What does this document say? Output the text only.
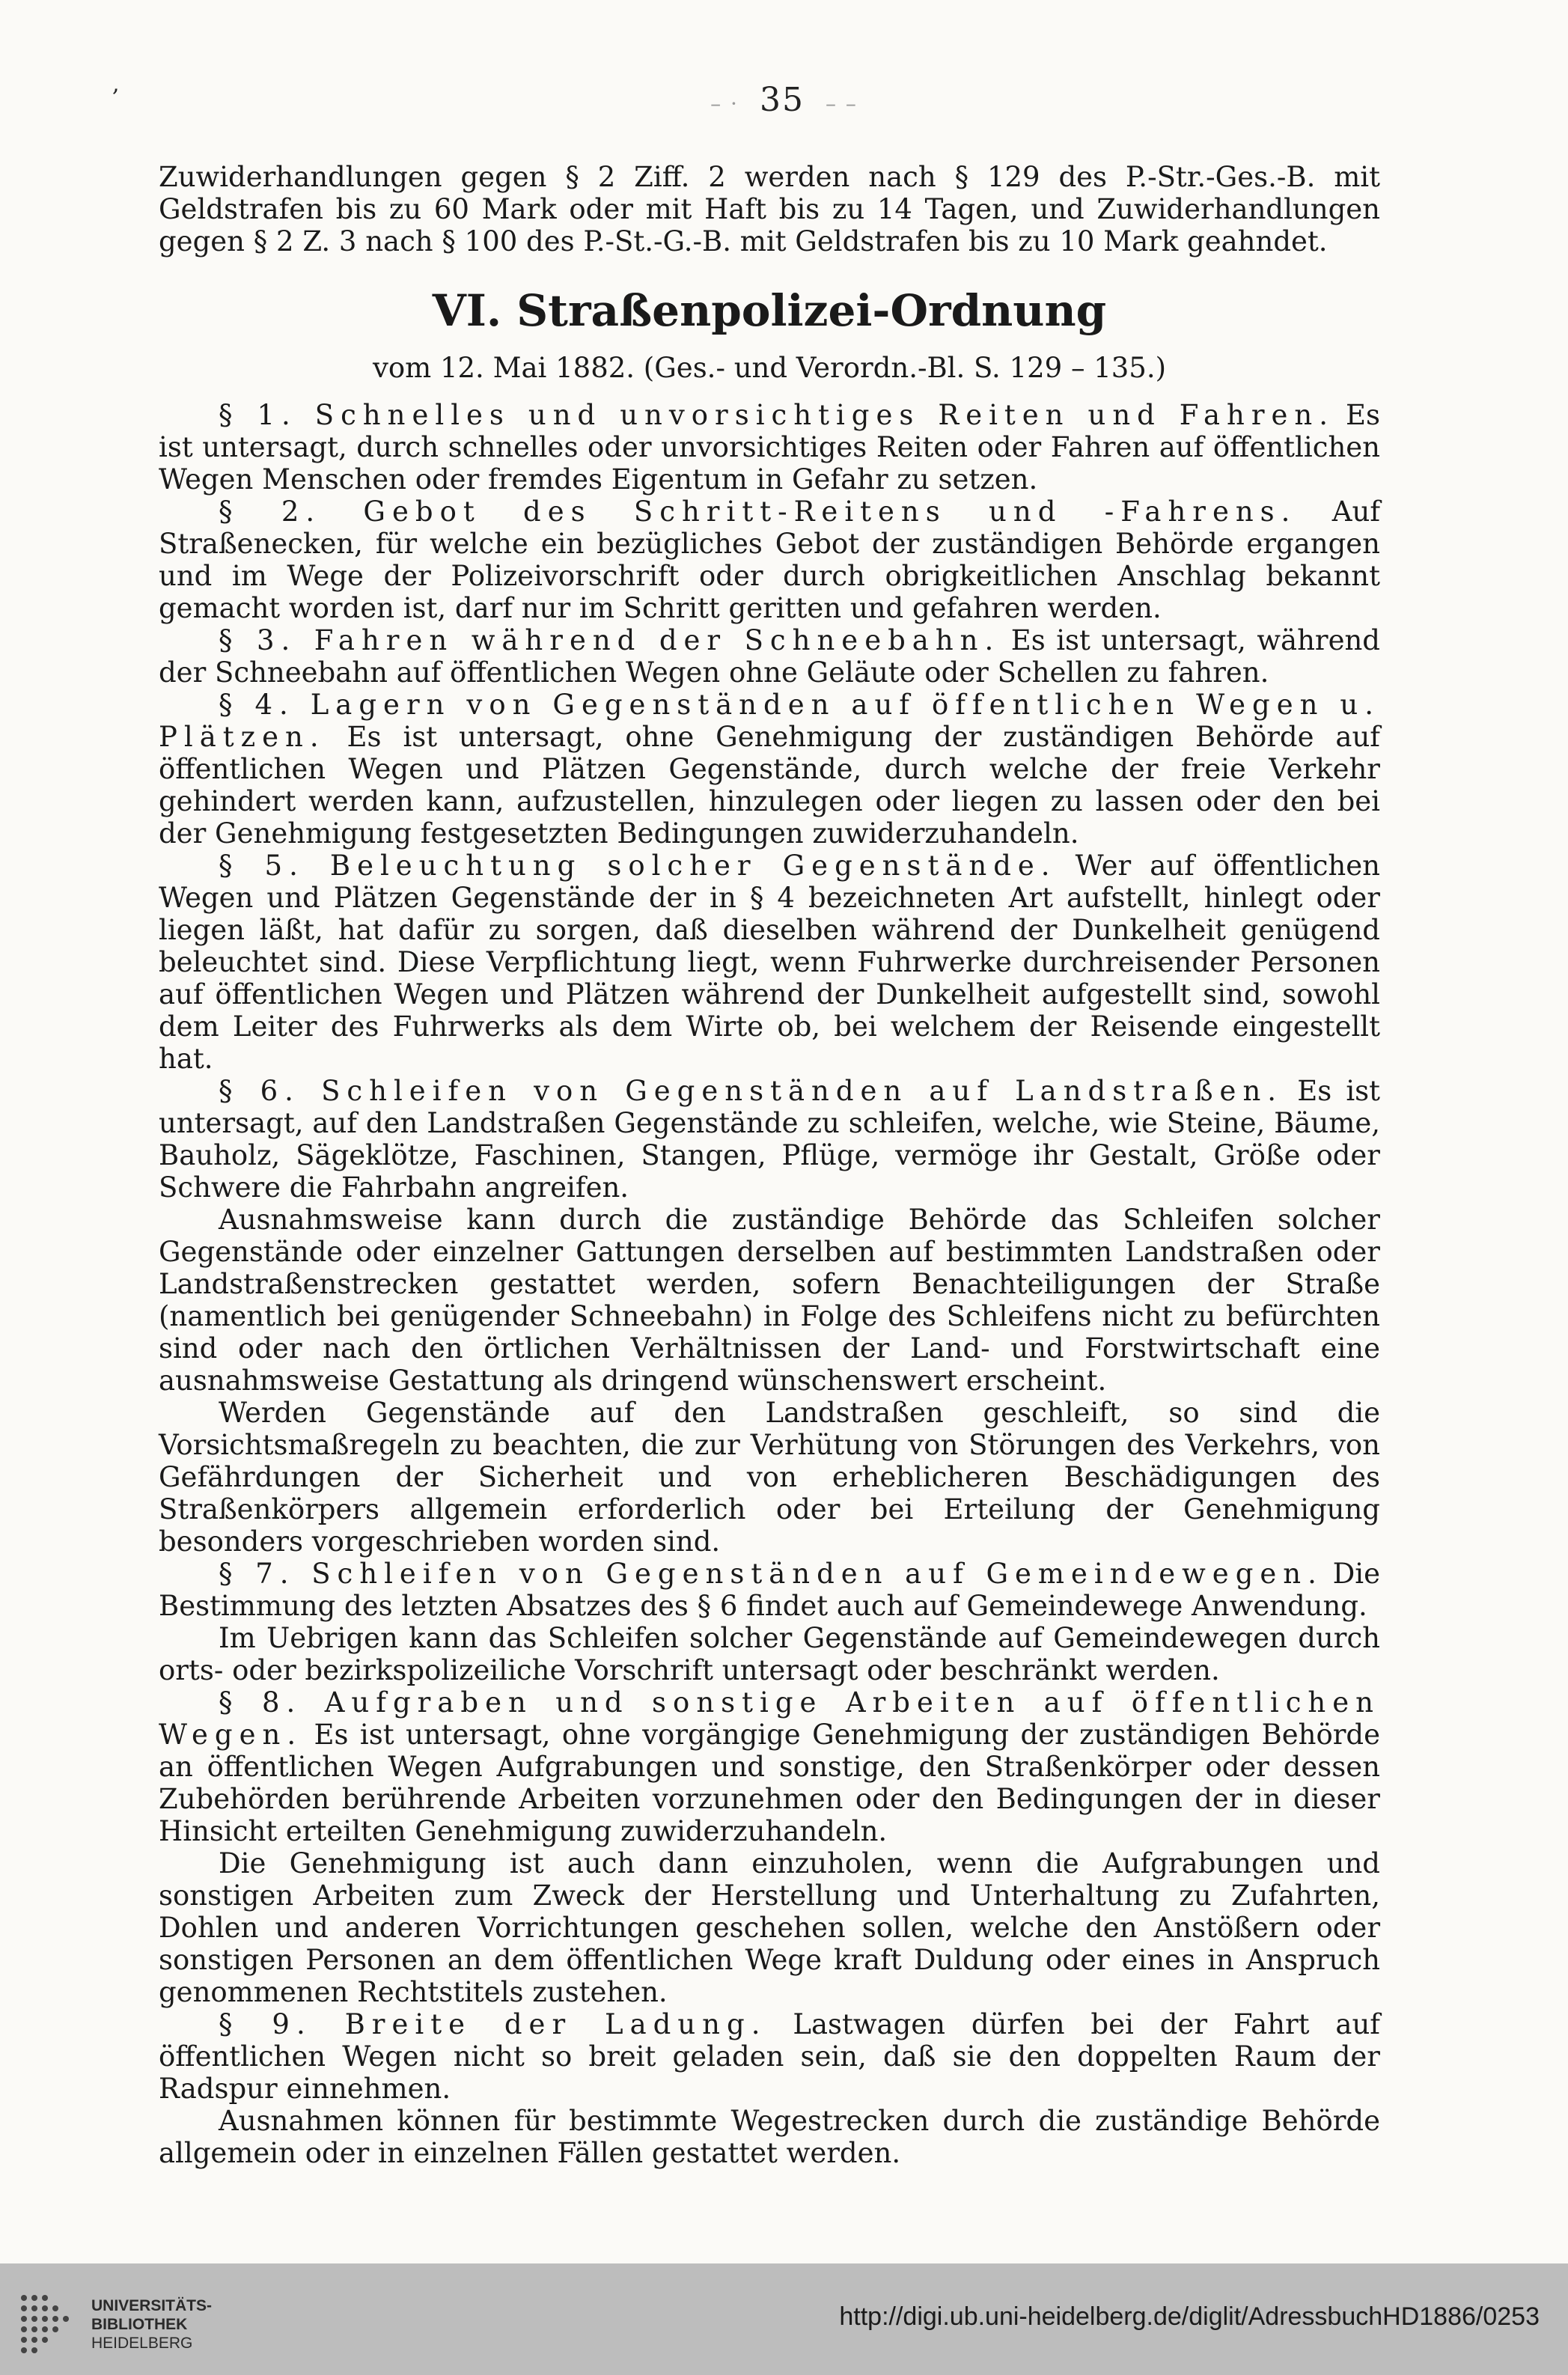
,
– · 35 – –

Zuwiderhandlungen gegen § 2 Ziff. 2 werden nach § 129 des P.-Str.-Ges.-B. mit Geldstrafen bis zu 60 Mark oder mit Haft bis zu 14 Tagen, und Zuwiderhandlungen gegen § 2 Z. 3 nach § 100 des P.-St.-G.-B. mit Geldstrafen bis zu 10 Mark geahndet.

VI. Straßenpolizei-Ordnung
vom 12. Mai 1882. (Ges.- und Verordn.-Bl. S. 129 – 135.)

§ 1. Schnelles und unvorsichtiges Reiten und Fahren. Es ist untersagt, durch schnelles oder unvorsichtiges Reiten oder Fahren auf öffentlichen Wegen Menschen oder fremdes Eigentum in Gefahr zu setzen.

§ 2. Gebot des Schritt-Reitens und -Fahrens. Auf Straßenecken, für welche ein bezügliches Gebot der zuständigen Behörde ergangen und im Wege der Polizeivorschrift oder durch obrigkeitlichen Anschlag bekannt gemacht worden ist, darf nur im Schritt geritten und gefahren werden.

§ 3. Fahren während der Schneebahn. Es ist untersagt, während der Schneebahn auf öffentlichen Wegen ohne Geläute oder Schellen zu fahren.

§ 4. Lagern von Gegenständen auf öffentlichen Wegen u. Plätzen. Es ist untersagt, ohne Genehmigung der zuständigen Behörde auf öffentlichen Wegen und Plätzen Gegenstände, durch welche der freie Verkehr gehindert werden kann, aufzustellen, hinzulegen oder liegen zu lassen oder den bei der Genehmigung festgesetzten Bedingungen zuwiderzuhandeln.

§ 5. Beleuchtung solcher Gegenstände. Wer auf öffentlichen Wegen und Plätzen Gegenstände der in § 4 bezeichneten Art aufstellt, hinlegt oder liegen läßt, hat dafür zu sorgen, daß dieselben während der Dunkelheit genügend beleuchtet sind. Diese Verpflichtung liegt, wenn Fuhrwerke durchreisender Personen auf öffentlichen Wegen und Plätzen während der Dunkelheit aufgestellt sind, sowohl dem Leiter des Fuhrwerks als dem Wirte ob, bei welchem der Reisende eingestellt hat.

§ 6. Schleifen von Gegenständen auf Landstraßen. Es ist untersagt, auf den Landstraßen Gegenstände zu schleifen, welche, wie Steine, Bäume, Bauholz, Sägeklötze, Faschinen, Stangen, Pflüge, vermöge ihr Gestalt, Größe oder Schwere die Fahrbahn angreifen.

Ausnahmsweise kann durch die zuständige Behörde das Schleifen solcher Gegenstände oder einzelner Gattungen derselben auf bestimmten Landstraßen oder Landstraßenstrecken gestattet werden, sofern Benachteiligungen der Straße (namentlich bei genügender Schneebahn) in Folge des Schleifens nicht zu befürchten sind oder nach den örtlichen Verhältnissen der Land- und Forstwirtschaft eine ausnahmsweise Gestattung als dringend wünschenswert erscheint.

Werden Gegenstände auf den Landstraßen geschleift, so sind die Vorsichtsmaßregeln zu beachten, die zur Verhütung von Störungen des Verkehrs, von Gefährdungen der Sicherheit und von erheblicheren Beschädigungen des Straßenkörpers allgemein erforderlich oder bei Erteilung der Genehmigung besonders vorgeschrieben worden sind.

§ 7. Schleifen von Gegenständen auf Gemeindewegen. Die Bestimmung des letzten Absatzes des § 6 findet auch auf Gemeindewege Anwendung.

Im Uebrigen kann das Schleifen solcher Gegenstände auf Gemeindewegen durch orts- oder bezirkspolizeiliche Vorschrift untersagt oder beschränkt werden.

§ 8. Aufgraben und sonstige Arbeiten auf öffentlichen Wegen. Es ist untersagt, ohne vorgängige Genehmigung der zuständigen Behörde an öffentlichen Wegen Aufgrabungen und sonstige, den Straßenkörper oder dessen Zubehörden berührende Arbeiten vorzunehmen oder den Bedingungen der in dieser Hinsicht erteilten Genehmigung zuwiderzuhandeln.

Die Genehmigung ist auch dann einzuholen, wenn die Aufgrabungen und sonstigen Arbeiten zum Zweck der Herstellung und Unterhaltung zu Zufahrten, Dohlen und anderen Vorrichtungen geschehen sollen, welche den Anstößern oder sonstigen Personen an dem öffentlichen Wege kraft Duldung oder eines in Anspruch genommenen Rechtstitels zustehen.

§ 9. Breite der Ladung. Lastwagen dürfen bei der Fahrt auf öffentlichen Wegen nicht so breit geladen sein, daß sie den doppelten Raum der Radspur einnehmen.

Ausnahmen können für bestimmte Wegestrecken durch die zuständige Behörde allgemein oder in einzelnen Fällen gestattet werden.

UNIVERSITÄTS-
BIBLIOTHEK
HEIDELBERG
http://digi.ub.uni-heidelberg.de/diglit/AdressbuchHD1886/0253
